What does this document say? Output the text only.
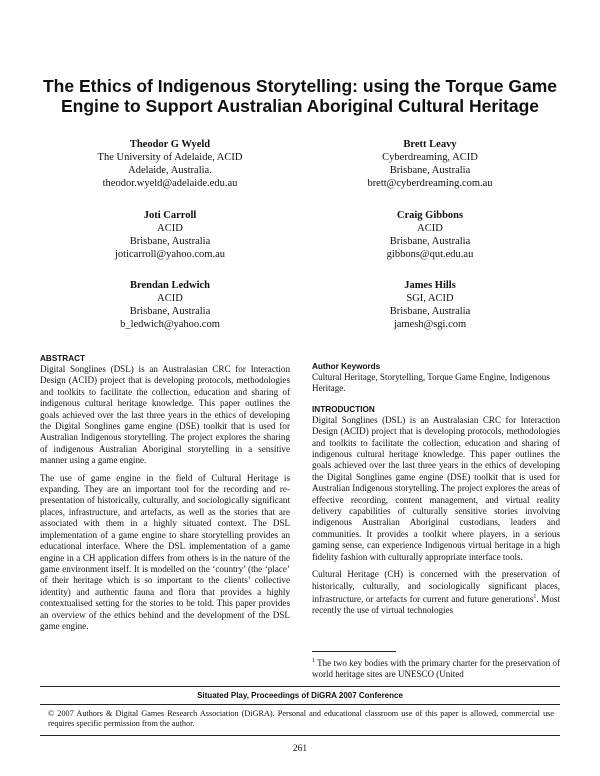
The Ethics of Indigenous Storytelling: using the Torque Game Engine to Support Australian Aboriginal Cultural Heritage
Theodor G Wyeld
The University of Adelaide, ACID
Adelaide, Australia.
theodor.wyeld@adelaide.edu.au
Brett Leavy
Cyberdreaming, ACID
Brisbane, Australia
brett@cyberdreaming.com.au
Joti Carroll
ACID
Brisbane, Australia
joticarroll@yahoo.com.au
Craig Gibbons
ACID
Brisbane, Australia
gibbons@qut.edu.au
Brendan Ledwich
ACID
Brisbane, Australia
b_ledwich@yahoo.com
James Hills
SGI, ACID
Brisbane, Australia
jamesh@sgi.com
ABSTRACT

Digital Songlines (DSL) is an Australasian CRC for Interaction Design (ACID) project that is developing protocols, methodologies and toolkits to facilitate the collection, education and sharing of indigenous cultural heritage knowledge. This paper outlines the goals achieved over the last three years in the ethics of developing the Digital Songlines game engine (DSE) toolkit that is used for Australian Indigenous storytelling. The project explores the sharing of indigenous Australian Aboriginal storytelling in a sensitive manner using a game engine.

The use of game engine in the field of Cultural Heritage is expanding. They are an important tool for the recording and re-presentation of historically, culturally, and sociologically significant places, infrastructure, and artefacts, as well as the stories that are associated with them in a highly situated context. The DSL implementation of a game engine to share storytelling provides an educational interface. Where the DSL implementation of a game engine in a CH application differs from others is in the nature of the game environment itself. It is modelled on the ‘country’ (the ‘place’ of their heritage which is so important to the clients’ collective identity) and authentic fauna and flora that provides a highly contextualised setting for the stories to be told. This paper provides an overview of the ethics behind and the development of the DSL game engine.

Author Keywords

Cultural Heritage, Storytelling, Torque Game Engine, Indigenous Heritage.

INTRODUCTION

Digital Songlines (DSL) is an Australasian CRC for Interaction Design (ACID) project that is developing protocols, methodologies and toolkits to facilitate the collection, education and sharing of indigenous cultural heritage knowledge. This paper outlines the goals achieved over the last three years in the ethics of developing the Digital Songlines game engine (DSE) toolkit that is used for Australian Indigenous storytelling. The project explores the areas of effective recording, content management, and virtual reality delivery capabilities of culturally sensitive stories involving indigenous Australian Aboriginal custodians, leaders and communities. It provides a toolkit where players, in a serious gaming sense, can experience Indigenous virtual heritage in a high fidelity fashion with culturally appropriate interface tools.

Cultural Heritage (CH) is concerned with the preservation of historically, culturally, and sociologically significant places, infrastructure, or artefacts for current and future generations$^1$. Most recently the use of virtual technologies

$^1$ The two key bodies with the primary charter for the preservation of world heritage sites are UNESCO (United
Situated Play, Proceedings of DiGRA 2007 Conference
© 2007 Authors & Digital Games Research Association (DiGRA). Personal and educational classroom use of this paper is allowed, commercial use requires specific permission from the author.
261
